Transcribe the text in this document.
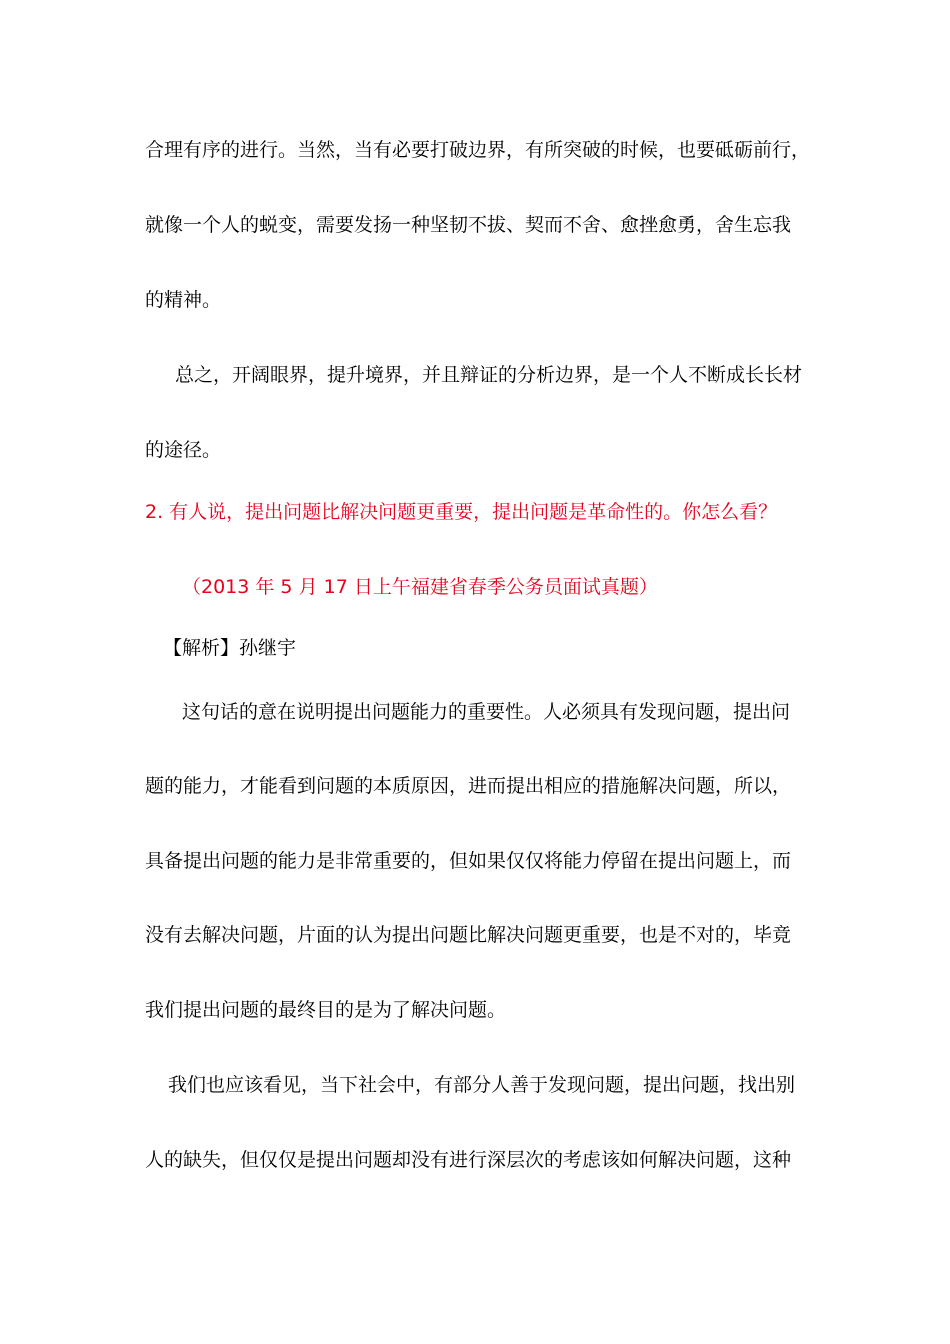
合理有序的进行。当然，当有必要打破边界，有所突破的时候，也要砥砺前行，
就像一个人的蜕变，需要发扬一种坚韧不拔、契而不舍、愈挫愈勇，舍生忘我
的精神。
总之，开阔眼界，提升境界，并且辩证的分析边界，是一个人不断成长长材
的途径。
2. 有人说，提出问题比解决问题更重要，提出问题是革命性的。你怎么看？
（2013 年 5 月 17 日上午福建省春季公务员面试真题）
【解析】孙继宇
这句话的意在说明提出问题能力的重要性。人必须具有发现问题，提出问
题的能力，才能看到问题的本质原因，进而提出相应的措施解决问题，所以，
具备提出问题的能力是非常重要的，但如果仅仅将能力停留在提出问题上，而
没有去解决问题，片面的认为提出问题比解决问题更重要，也是不对的，毕竟
我们提出问题的最终目的是为了解决问题。
我们也应该看见，当下社会中，有部分人善于发现问题，提出问题，找出别
人的缺失，但仅仅是提出问题却没有进行深层次的考虑该如何解决问题，这种
